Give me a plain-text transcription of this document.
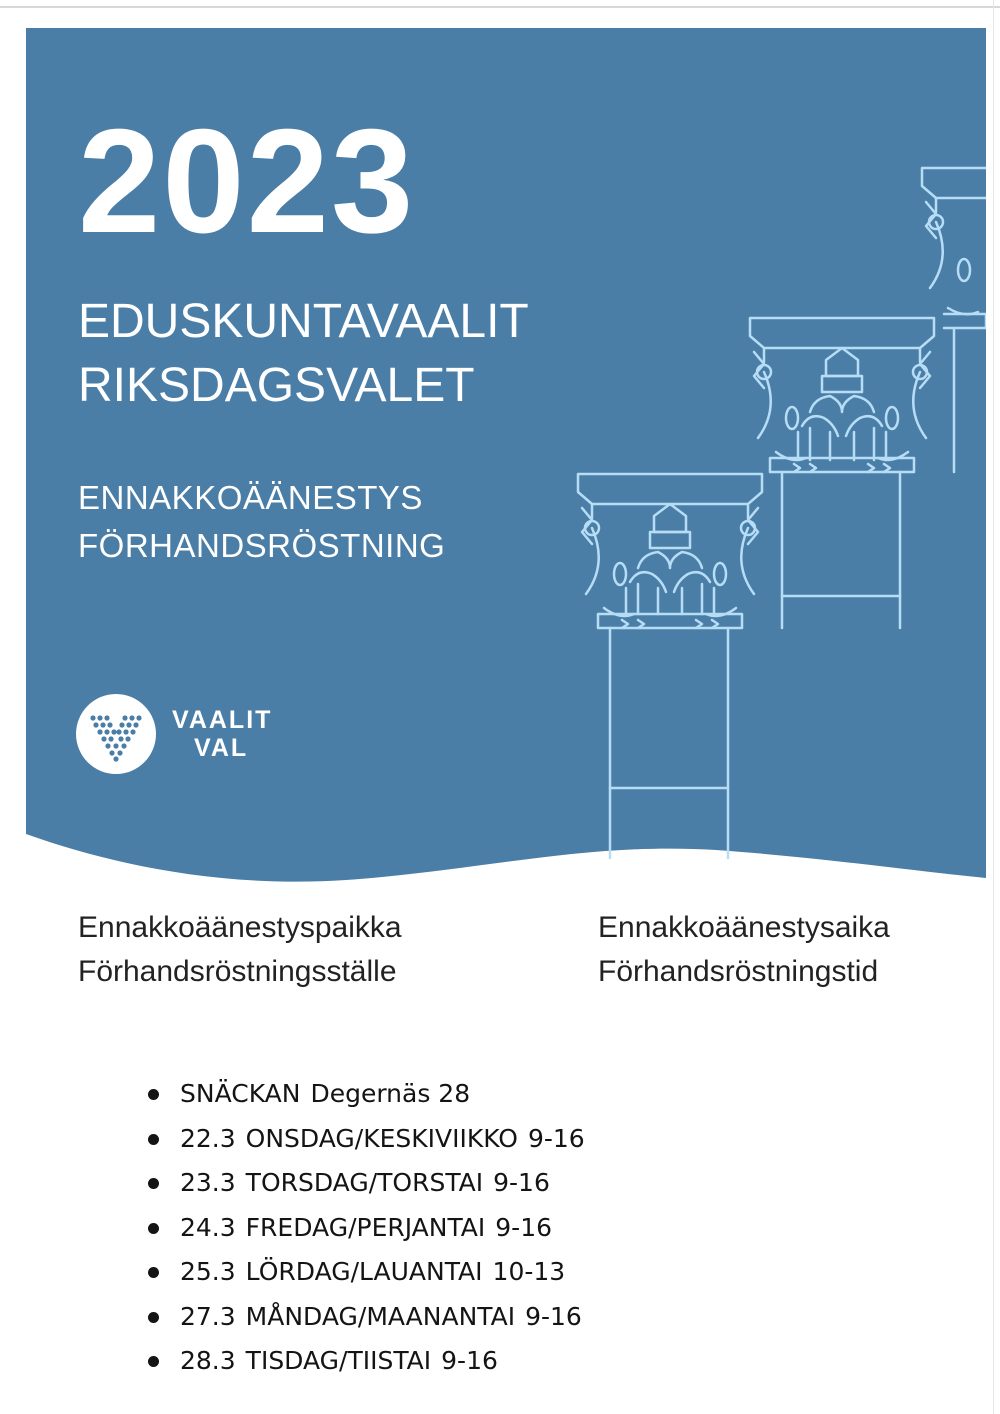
2023
EDUSKUNTAVAALIT
RIKSDAGSVALET
ENNAKKOÄÄNESTYS
FÖRHANDSRÖSTNING
VAALIT
VAL
Ennakkoäänestyspaikka
Förhandsröstningsställe
Ennakkoäänestysaika
Förhandsröstningstid
SNÄCKAN Degernäs 28
22.3 ONSDAG/KESKIVIIKKO 9-16
23.3 TORSDAG/TORSTAI 9-16
24.3 FREDAG/PERJANTAI 9-16
25.3 LÖRDAG/LAUANTAI 10-13
27.3 MÅNDAG/MAANANTAI 9-16
28.3 TISDAG/TIISTAI 9-16
